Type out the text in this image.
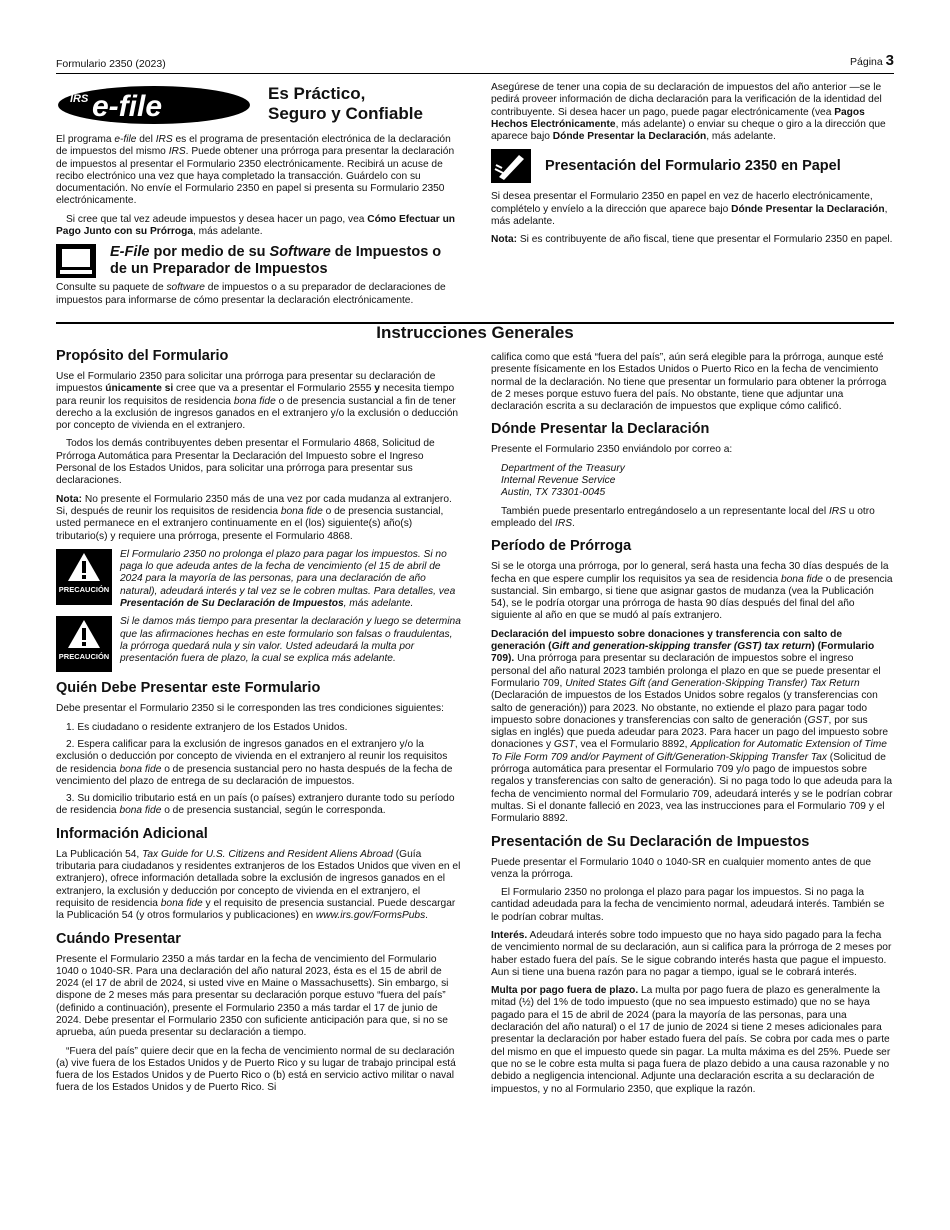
Formulario 2350 (2023)	Página 3
IRS e-file	Es Práctico,
Seguro y Confiable

El programa e-file del IRS es el programa de presentación electrónica de la declaración de impuestos del mismo IRS. Puede obtener una prórroga para presentar la declaración de impuestos al presentar el Formulario 2350 electrónicamente. Recibirá un acuse de recibo electrónico una vez que haya completado la transacción. Guárdelo con su documentación. No envíe el Formulario 2350 en papel si presenta su Formulario 2350 electrónicamente.

Si cree que tal vez adeude impuestos y desea hacer un pago, vea Cómo Efectuar un Pago Junto con su Prórroga, más adelante.

E-File por medio de su Software de Impuestos o de un Preparador de Impuestos

Consulte su paquete de software de impuestos o a su preparador de declaraciones de impuestos para informarse de cómo presentar la declaración electrónicamente.

Asegúrese de tener una copia de su declaración de impuestos del año anterior —se le pedirá proveer información de dicha declaración para la verificación de la identidad del contribuyente. Si desea hacer un pago, puede pagar electrónicamente (vea Pagos Hechos Electrónicamente, más adelante) o enviar su cheque o giro a la dirección que aparece bajo Dónde Presentar la Declaración, más adelante.

Presentación del Formulario 2350 en Papel

Si desea presentar el Formulario 2350 en papel en vez de hacerlo electrónicamente, complételo y envíelo a la dirección que aparece bajo Dónde Presentar la Declaración, más adelante.

Nota: Si es contribuyente de año fiscal, tiene que presentar el Formulario 2350 en papel.

Instrucciones Generales
Propósito del Formulario

Use el Formulario 2350 para solicitar una prórroga para presentar su declaración de impuestos únicamente si cree que va a presentar el Formulario 2555 y necesita tiempo para reunir los requisitos de residencia bona fide o de presencia sustancial a fin de tener derecho a la exclusión de ingresos ganados en el extranjero y/o la exclusión o deducción por concepto de vivienda en el extranjero.

Todos los demás contribuyentes deben presentar el Formulario 4868, Solicitud de Prórroga Automática para Presentar la Declaración del Impuesto sobre el Ingreso Personal de los Estados Unidos, para solicitar una prórroga para presentar sus declaraciones.

Nota: No presente el Formulario 2350 más de una vez por cada mudanza al extranjero. Si, después de reunir los requisitos de residencia bona fide o de presencia sustancial, usted permanece en el extranjero continuamente en el (los) siguiente(s) año(s) tributario(s) y requiere una prórroga, presente el Formulario 4868.

PRECAUCIÓN
El Formulario 2350 no prolonga el plazo para pagar los impuestos. Si no paga lo que adeuda antes de la fecha de vencimiento (el 15 de abril de 2024 para la mayoría de las personas, para una declaración de año natural), adeudará interés y tal vez se le cobren multas. Para detalles, vea Presentación de Su Declaración de Impuestos, más adelante.
PRECAUCIÓN
Si le damos más tiempo para presentar la declaración y luego se determina que las afirmaciones hechas en este formulario son falsas o fraudulentas, la prórroga quedará nula y sin valor. Usted adeudará la multa por presentación fuera de plazo, la cual se explica más adelante.
Quién Debe Presentar este Formulario

Debe presentar el Formulario 2350 si le corresponden las tres condiciones siguientes:

1. Es ciudadano o residente extranjero de los Estados Unidos.
2. Espera calificar para la exclusión de ingresos ganados en el extranjero y/o la exclusión o deducción por concepto de vivienda en el extranjero al reunir los requisitos de residencia bona fide o de presencia sustancial pero no hasta después de la fecha de vencimiento del plazo de entrega de su declaración de impuestos.
3. Su domicilio tributario está en un país (o países) extranjero durante todo su período de residencia bona fide o de presencia sustancial, según le corresponda.
Información Adicional

La Publicación 54, Tax Guide for U.S. Citizens and Resident Aliens Abroad (Guía tributaria para ciudadanos y residentes extranjeros de los Estados Unidos que viven en el extranjero), ofrece información detallada sobre la exclusión de ingresos ganados en el extranjero, la exclusión y deducción por concepto de vivienda en el extranjero, el requisito de residencia bona fide y el requisito de presencia sustancial. Puede descargar la Publicación 54 (y otros formularios y publicaciones) en www.irs.gov/FormsPubs.

Cuándo Presentar

Presente el Formulario 2350 a más tardar en la fecha de vencimiento del Formulario 1040 o 1040-SR. Para una declaración del año natural 2023, ésta es el 15 de abril de 2024 (el 17 de abril de 2024, si usted vive en Maine o Massachusetts). Sin embargo, si dispone de 2 meses más para presentar su declaración porque estuvo “fuera del país” (definido a continuación), presente el Formulario 2350 a más tardar el 17 de junio de 2024. Debe presentar el Formulario 2350 con suficiente anticipación para que, si no se aprueba, aún pueda presentar su declaración a tiempo.

“Fuera del país” quiere decir que en la fecha de vencimiento normal de su declaración (a) vive fuera de los Estados Unidos y de Puerto Rico y su lugar de trabajo principal está fuera de los Estados Unidos y de Puerto Rico o (b) está en servicio activo militar o naval fuera de los Estados Unidos y de Puerto Rico. Si

califica como que está “fuera del país”, aún será elegible para la prórroga, aunque esté presente físicamente en los Estados Unidos o Puerto Rico en la fecha de vencimiento normal de la declaración. No tiene que presentar un formulario para obtener la prórroga de 2 meses porque estuvo fuera del país. No obstante, tiene que adjuntar una declaración escrita a su declaración de impuestos que explique cómo calificó.

Dónde Presentar la Declaración

Presente el Formulario 2350 enviándolo por correo a:

Department of the Treasury
Internal Revenue Service
Austin, TX 73301-0045

También puede presentarlo entregándoselo a un representante local del IRS u otro empleado del IRS.

Período de Prórroga

Si se le otorga una prórroga, por lo general, será hasta una fecha 30 días después de la fecha en que espere cumplir los requisitos ya sea de residencia bona fide o de presencia sustancial. Sin embargo, si tiene que asignar gastos de mudanza (vea la Publicación 54), se le podría otorgar una prórroga de hasta 90 días después del final del año siguiente al año en que se mudó al país extranjero.

Declaración del impuesto sobre donaciones y transferencia con salto de generación (Gift and generation-skipping transfer (GST) tax return) (Formulario 709). Una prórroga para presentar su declaración de impuestos sobre el ingreso personal del año natural 2023 también prolonga el plazo en que se puede presentar el Formulario 709, United States Gift (and Generation-Skipping Transfer) Tax Return (Declaración de impuestos de los Estados Unidos sobre regalos (y transferencias con salto de generación)) para 2023. No obstante, no extiende el plazo para pagar todo impuesto sobre donaciones y transferencias con salto de generación (GST, por sus siglas en inglés) que pueda adeudar para 2023. Para hacer un pago del impuesto sobre donaciones y GST, vea el Formulario 8892, Application for Automatic Extension of Time To File Form 709 and/or Payment of Gift/Generation-Skipping Transfer Tax (Solicitud de prórroga automática para presentar el Formulario 709 y/o pago de impuestos sobre regalos y transferencias con salto de generación). Si no paga todo lo que adeuda para la fecha de vencimiento normal del Formulario 709, adeudará interés y se le podrían cobrar multas. Si el donante falleció en 2023, vea las instrucciones para el Formulario 709 y el Formulario 8892.

Presentación de Su Declaración de Impuestos

Puede presentar el Formulario 1040 o 1040-SR en cualquier momento antes de que venza la prórroga.

El Formulario 2350 no prolonga el plazo para pagar los impuestos. Si no paga la cantidad adeudada para la fecha de vencimiento normal, adeudará interés. También se le podrían cobrar multas.

Interés. Adeudará interés sobre todo impuesto que no haya sido pagado para la fecha de vencimiento normal de su declaración, aun si califica para la prórroga de 2 meses por haber estado fuera del país. Se le sigue cobrando interés hasta que pague el impuesto. Aun si tiene una buena razón para no pagar a tiempo, igual se le cobrará interés.

Multa por pago fuera de plazo. La multa por pago fuera de plazo es generalmente la mitad (½) del 1% de todo impuesto (que no sea impuesto estimado) que no se haya pagado para el 15 de abril de 2024 (para la mayoría de las personas, para una declaración del año natural) o el 17 de junio de 2024 si tiene 2 meses adicionales para presentar la declaración por haber estado fuera del país. Se cobra por cada mes o parte del mismo en que el impuesto quede sin pagar. La multa máxima es del 25%. Puede ser que no se le cobre esta multa si paga fuera de plazo debido a una causa razonable y no debido a negligencia intencional. Adjunte una declaración escrita a su declaración de impuestos, y no al Formulario 2350, que explique la razón.
